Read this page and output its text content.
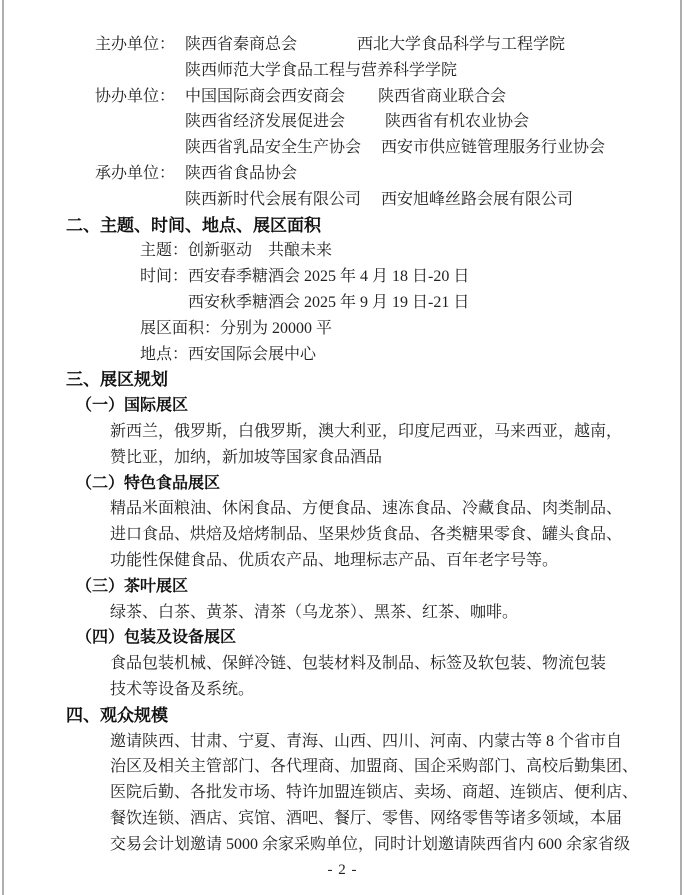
主办单位： 陕西省秦商总会	西北大学食品科学与工程学院
陕西师范大学食品工程与营养科学学院
协办单位： 中国国际商会西安商会 陕西省商业联合会
陕西省经济发展促进会	陕西省有机农业协会
陕西省乳品安全生产协会 西安市供应链管理服务行业协会
承办单位： 陕西省食品协会
陕西新时代会展有限公司 西安旭峰丝路会展有限公司
二、主题、时间、地点、展区面积
主题：创新驱动　共酿未来
时间：西安春季糖酒会 2025 年 4 月 18 日-20 日
西安秋季糖酒会 2025 年 9 月 19 日-21 日
展区面积：分别为 20000 平
地点：西安国际会展中心
三、展区规划
（一）国际展区
新西兰，俄罗斯，白俄罗斯，澳大利亚，印度尼西亚，马来西亚，越南，
赞比亚，加纳，新加坡等国家食品酒品
（二）特色食品展区
精品米面粮油、休闲食品、方便食品、速冻食品、冷藏食品、肉类制品、
进口食品、烘焙及焙烤制品、坚果炒货食品、各类糖果零食、罐头食品、
功能性保健食品、优质农产品、地理标志产品、百年老字号等。
（三）茶叶展区
绿茶、白茶、黄茶、清茶（乌龙茶）、黑茶、红茶、咖啡。
（四）包装及设备展区
食品包装机械、保鲜冷链、包装材料及制品、标签及软包装、物流包装
技术等设备及系统。
四、观众规模
邀请陕西、甘肃、宁夏、青海、山西、四川、河南、内蒙古等 8 个省市自
治区及相关主管部门、各代理商、加盟商、国企采购部门、高校后勤集团、
医院后勤、各批发市场、特许加盟连锁店、卖场、商超、连锁店、便利店、
餐饮连锁、酒店、宾馆、酒吧、餐厅、零售、网络零售等诸多领域，本届
交易会计划邀请 5000 余家采购单位，同时计划邀请陕西省内 600 余家省级
- 2 -
